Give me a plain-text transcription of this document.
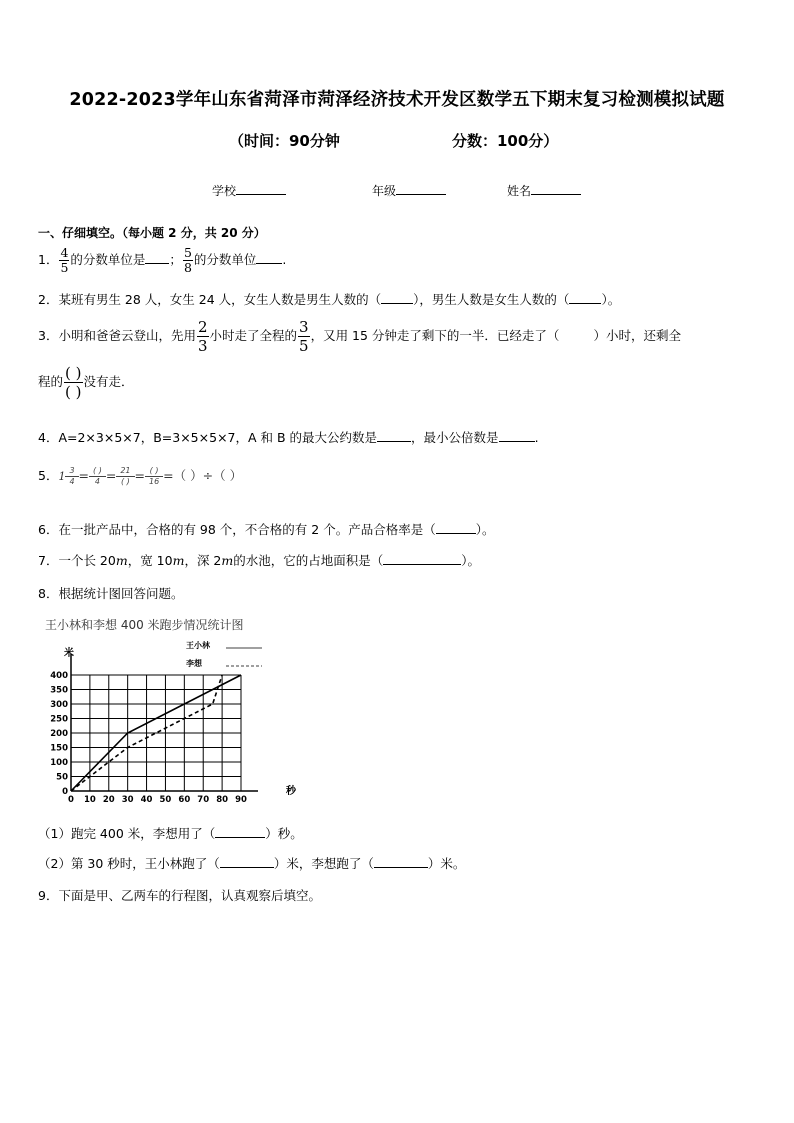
2022-2023学年山东省菏泽市菏泽经济技术开发区数学五下期末复习检测模拟试题
（时间：90分钟	分数：100分）
学校	年级	姓名
一、仔细填空。（每小题 2 分，共 20 分）
1． $\frac{4}{5}$ 的分数单位是 ； $\frac{5}{8}$ 的分数单位 .
2．某班有男生 28 人，女生 24 人，女生人数是男生人数的（	），男生人数是女生人数的（	）。
3．小明和爸爸云登山，先用 $\frac{2}{3}$ 小时走了全程的 $\frac{3}{5}$ ，又用 15 分钟走了剩下的一半．已经走了（	）小时，还剩全
程的 $\frac{( )}{( )}$ 没有走．
4．A=2×3×5×7，B=3×5×5×7，A 和 B 的最大公约数是	，最小公倍数是	.
5．$1 \frac{3}{4} = \frac{( )}{4} = \frac{21}{( )} = \frac{( )}{16}$ =（ ）÷（ ）
6．在一批产品中，合格的有 98 个，不合格的有 2 个。产品合格率是（	）。
7．一个长 20m，宽 10m，深 2m的水池，它的占地面积是（	）。
8．根据统计图回答问题。
王小林和李想 400 米跑步情况统计图
米
秒
0 10 20 30 40 50 60 70 80 90
0
50
100
150
200
250
300
350
400
王小林
李想
（1）跑完 400 米，李想用了（	）秒。
（2）第 30 秒时，王小林跑了（	）米，李想跑了（	）米。
9．下面是甲、乙两车的行程图，认真观察后填空。
